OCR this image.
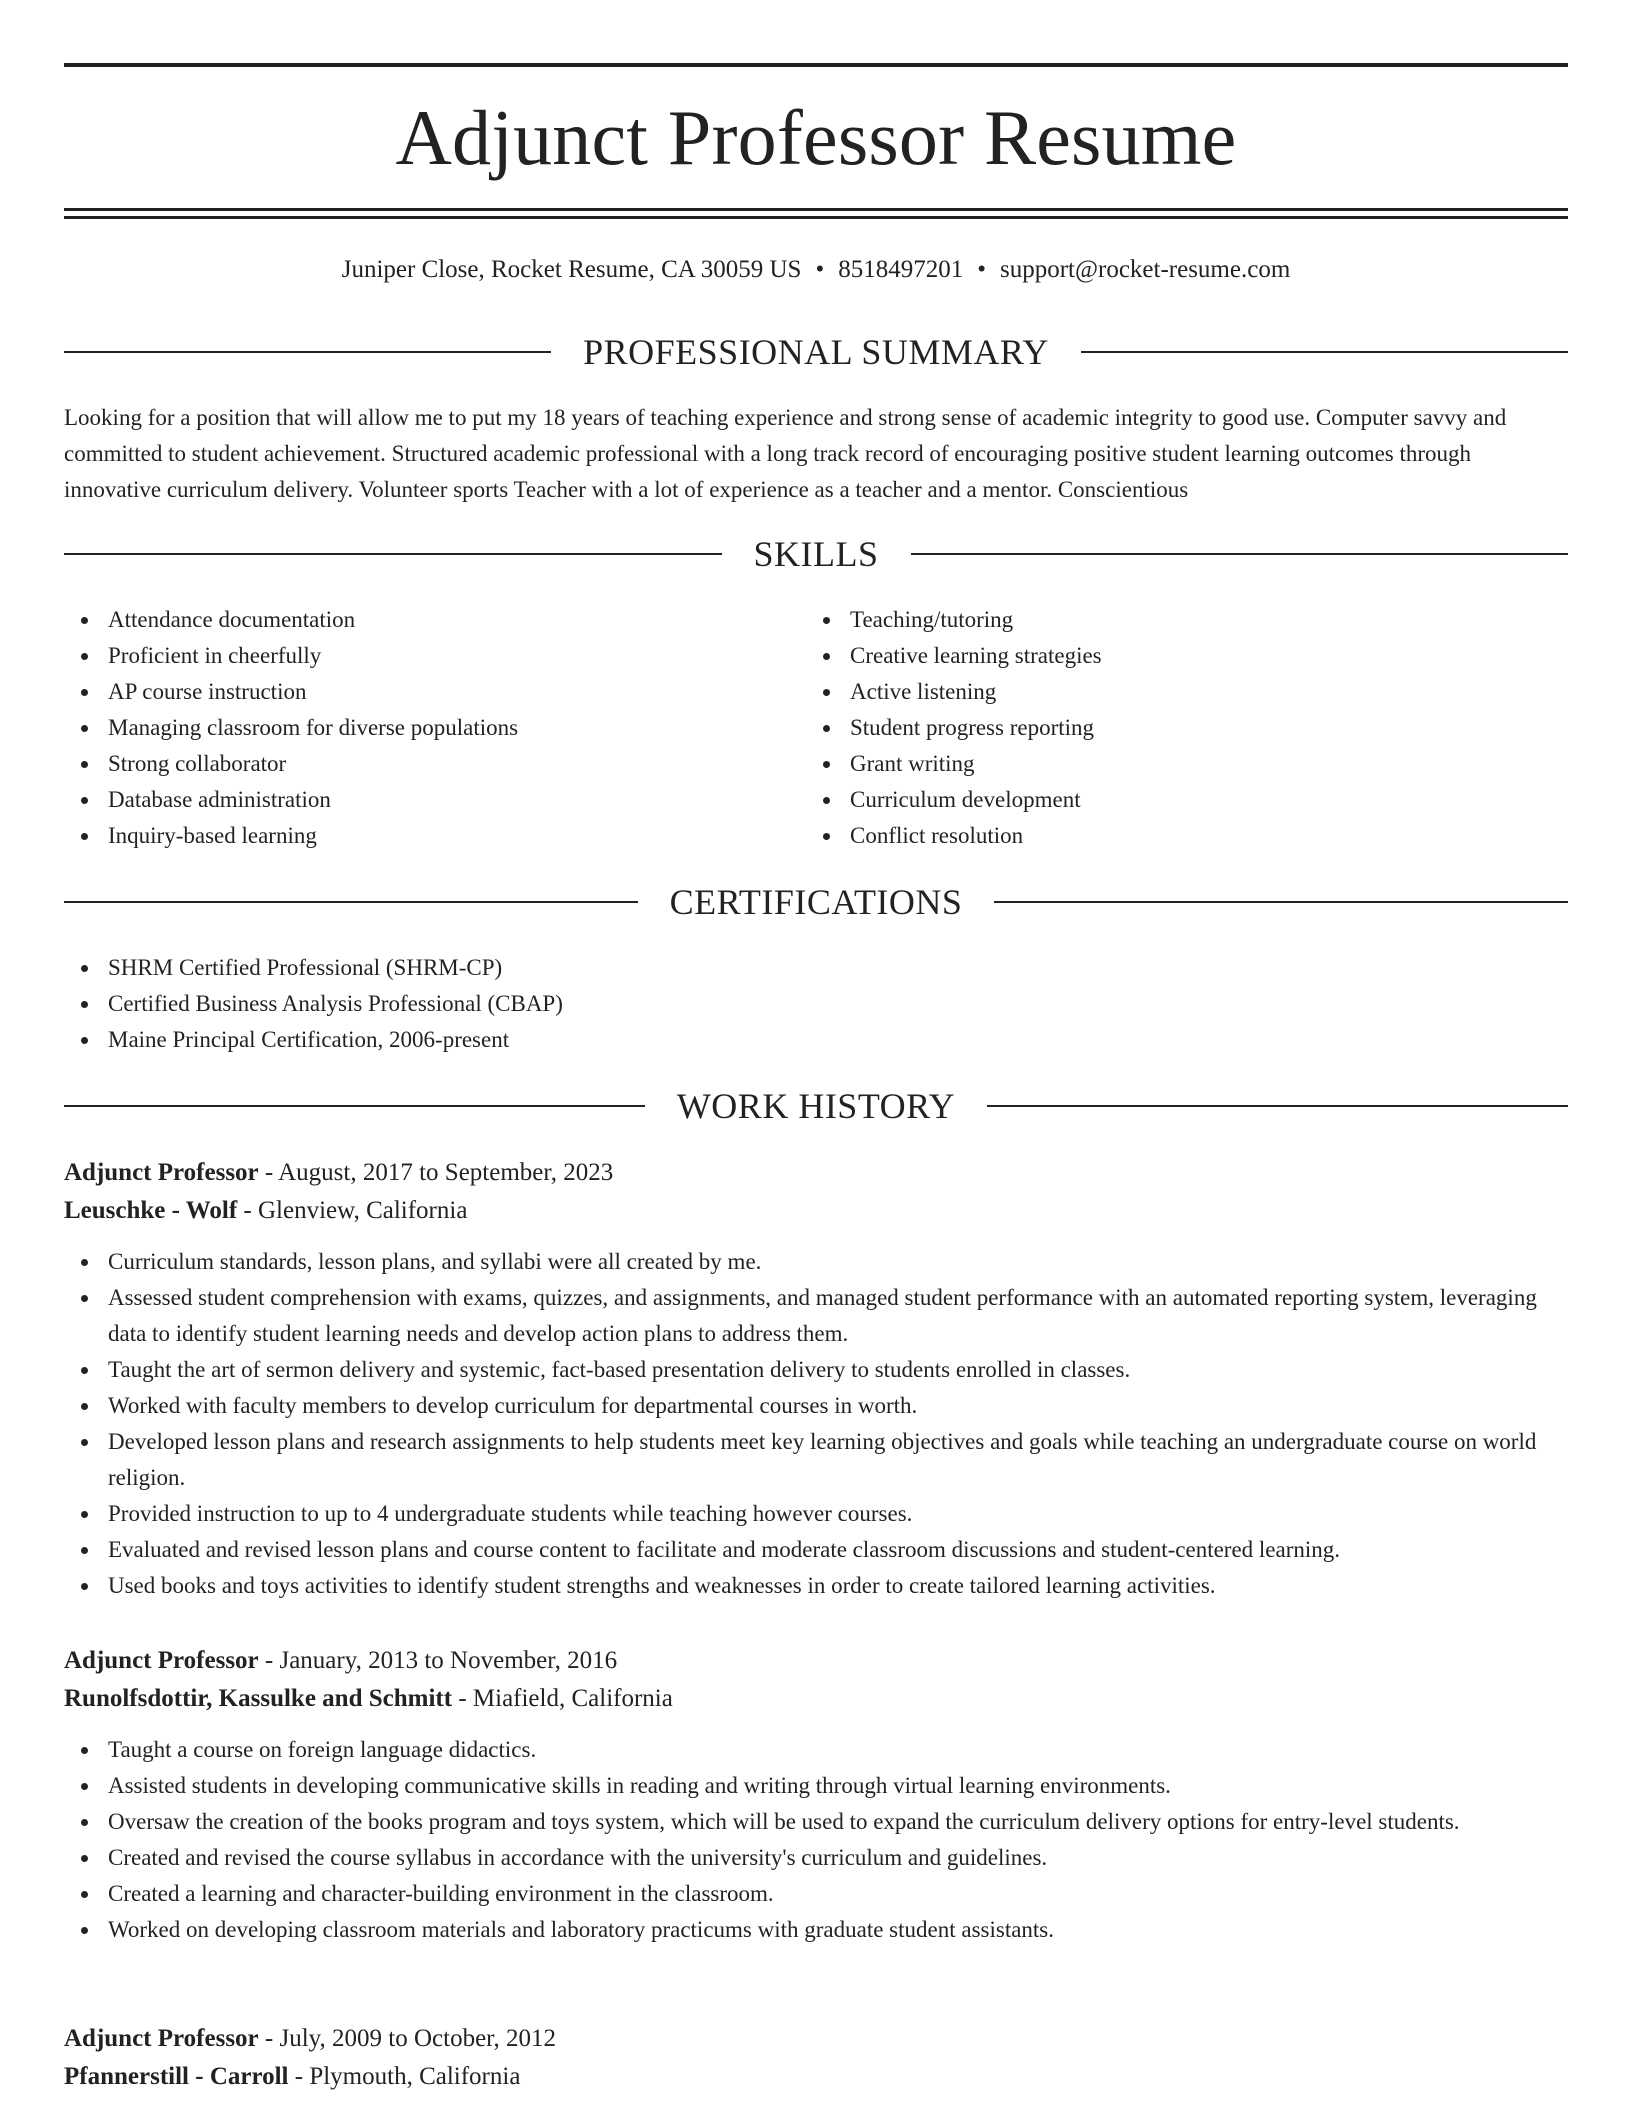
Adjunct Professor Resume
Juniper Close, Rocket Resume, CA 30059 US • 8518497201 • support@rocket-resume.com
PROFESSIONAL SUMMARY

Looking for a position that will allow me to put my 18 years of teaching experience and strong sense of academic integrity to good use. Computer savvy and committed to student achievement. Structured academic professional with a long track record of encouraging positive student learning outcomes through innovative curriculum delivery. Volunteer sports Teacher with a lot of experience as a teacher and a mentor. Conscientious

SKILLS
Attendance documentation
Proficient in cheerfully
AP course instruction
Managing classroom for diverse populations
Strong collaborator
Database administration
Inquiry-based learning
Teaching/tutoring
Creative learning strategies
Active listening
Student progress reporting
Grant writing
Curriculum development
Conflict resolution
CERTIFICATIONS
SHRM Certified Professional (SHRM-CP)
Certified Business Analysis Professional (CBAP)
Maine Principal Certification, 2006-present
WORK HISTORY

Adjunct Professor - August, 2017 to September, 2023

Leuschke - Wolf - Glenview, California

Curriculum standards, lesson plans, and syllabi were all created by me.
Assessed student comprehension with exams, quizzes, and assignments, and managed student performance with an automated reporting system, leveraging data to identify student learning needs and develop action plans to address them.
Taught the art of sermon delivery and systemic, fact-based presentation delivery to students enrolled in classes.
Worked with faculty members to develop curriculum for departmental courses in worth.
Developed lesson plans and research assignments to help students meet key learning objectives and goals while teaching an undergraduate course on world religion.
Provided instruction to up to 4 undergraduate students while teaching however courses.
Evaluated and revised lesson plans and course content to facilitate and moderate classroom discussions and student-centered learning.
Used books and toys activities to identify student strengths and weaknesses in order to create tailored learning activities.

Adjunct Professor - January, 2013 to November, 2016

Runolfsdottir, Kassulke and Schmitt - Miafield, California

Taught a course on foreign language didactics.
Assisted students in developing communicative skills in reading and writing through virtual learning environments.
Oversaw the creation of the books program and toys system, which will be used to expand the curriculum delivery options for entry-level students.
Created and revised the course syllabus in accordance with the university's curriculum and guidelines.
Created a learning and character-building environment in the classroom.
Worked on developing classroom materials and laboratory practicums with graduate student assistants.

Adjunct Professor - July, 2009 to October, 2012

Pfannerstill - Carroll - Plymouth, California
